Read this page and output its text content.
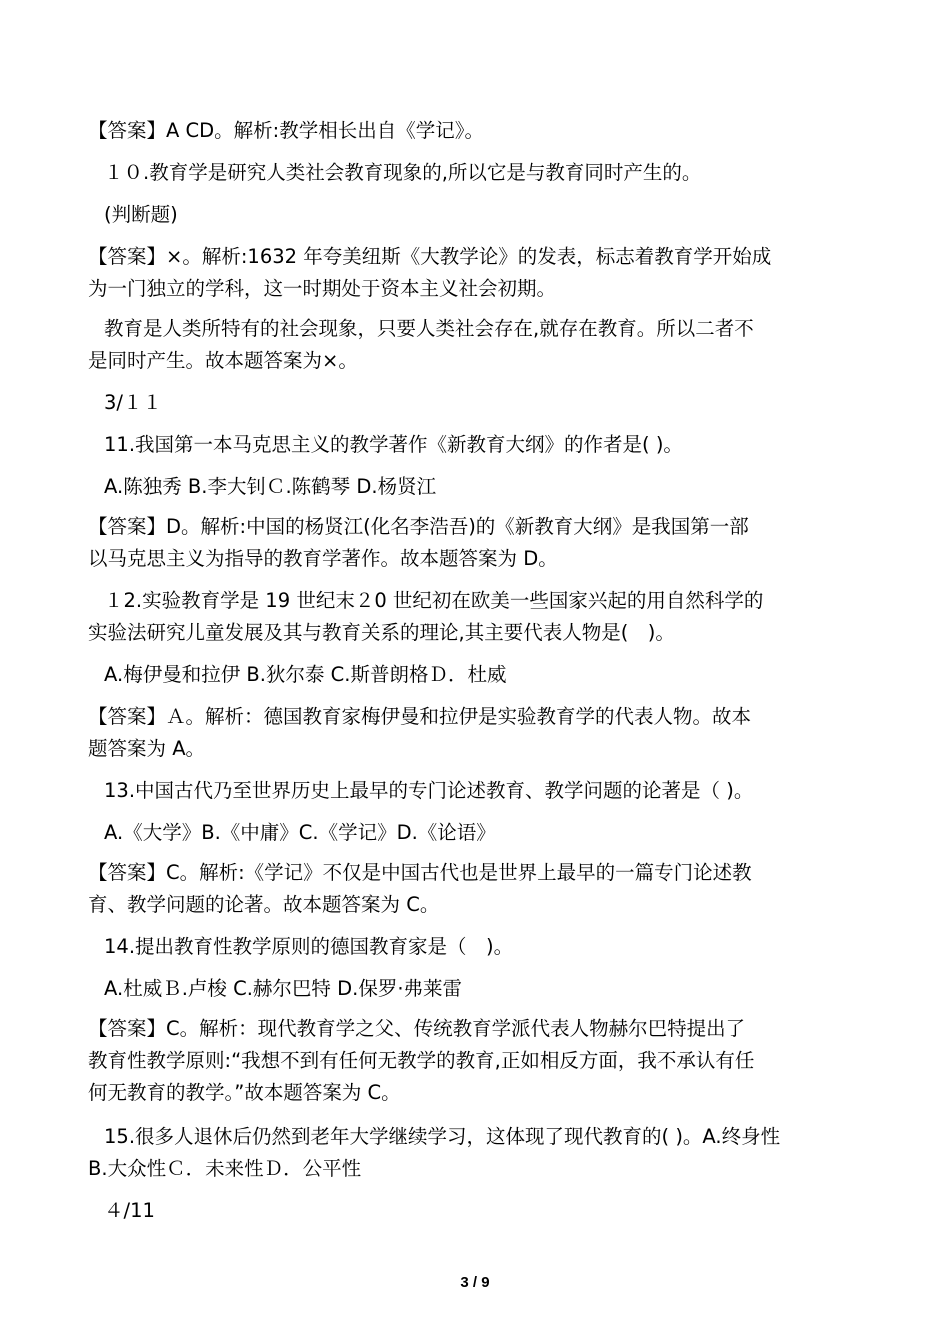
【答案】A CD。解析:教学相长出自《学记》。
１０.教育学是研究人类社会教育现象的,所以它是与教育同时产生的。
(判断题)
【答案】×。解析:1632 年夸美纽斯《大教学论》的发表，标志着教育学开始成
为一门独立的学科，这一时期处于资本主义社会初期。
教育是人类所特有的社会现象，只要人类社会存在,就存在教育。所以二者不
是同时产生。故本题答案为×。
3/１１
11.我国第一本马克思主义的教学著作《新教育大纲》的作者是( )。
A.陈独秀 B.李大钊Ｃ.陈鹤琴 D.杨贤江
【答案】D。解析:中国的杨贤江(化名李浩吾)的《新教育大纲》是我国第一部
以马克思主义为指导的教育学著作。故本题答案为 D。
１2.实验教育学是 19 世纪末２0 世纪初在欧美一些国家兴起的用自然科学的
实验法研究儿童发展及其与教育关系的理论,其主要代表人物是(　)。
A.梅伊曼和拉伊 B.狄尔泰 C.斯普朗格Ｄ．杜威
【答案】Ａ。解析：德国教育家梅伊曼和拉伊是实验教育学的代表人物。故本
题答案为 A。
13.中国古代乃至世界历史上最早的专门论述教育、教学问题的论著是（ )。
A.《大学》B.《中庸》C.《学记》D.《论语》
【答案】C。解析:《学记》不仅是中国古代也是世界上最早的一篇专门论述教
育、教学问题的论著。故本题答案为 C。
14.提出教育性教学原则的德国教育家是（　)。
A.杜威Ｂ.卢梭 C.赫尔巴特 D.保罗·弗莱雷
【答案】C。解析：现代教育学之父、传统教育学派代表人物赫尔巴特提出了
教育性教学原则:“我想不到有任何无教学的教育,正如相反方面，我不承认有任
何无教育的教学。”故本题答案为 C。
15.很多人退休后仍然到老年大学继续学习，这体现了现代教育的( )。A.终身性
B.大众性Ｃ．未来性Ｄ．公平性
４/11
3 / 9
